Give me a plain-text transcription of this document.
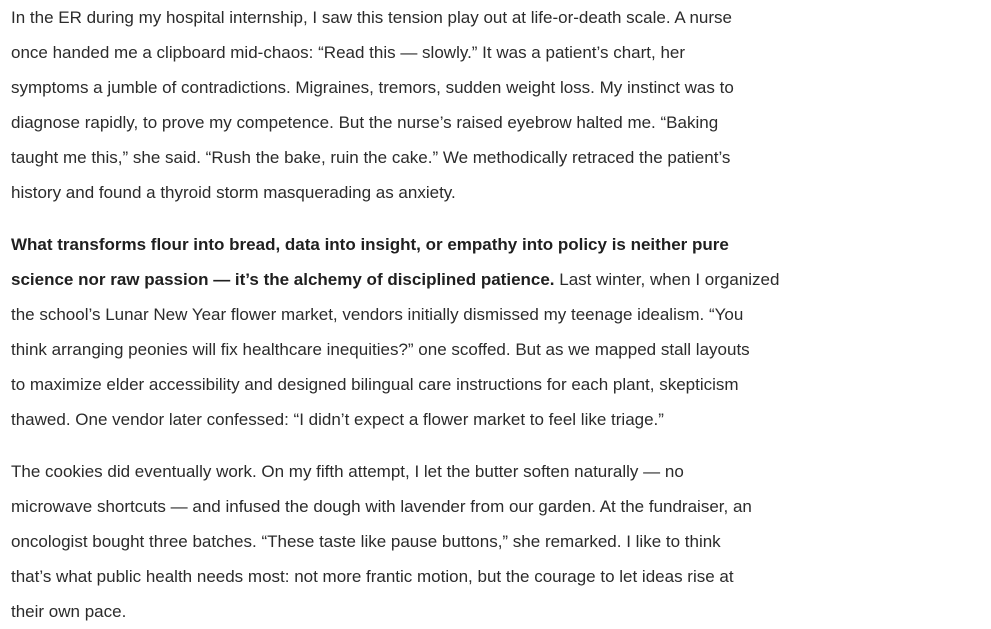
In the ER during my hospital internship, I saw this tension play out at life-or-death scale. A nurse
once handed me a clipboard mid-chaos: “Read this — slowly.” It was a patient’s chart, her
symptoms a jumble of contradictions. Migraines, tremors, sudden weight loss. My instinct was to
diagnose rapidly, to prove my competence. But the nurse’s raised eyebrow halted me. “Baking
taught me this,” she said. “Rush the bake, ruin the cake.” We methodically retraced the patient’s
history and found a thyroid storm masquerading as anxiety.

What transforms flour into bread, data into insight, or empathy into policy is neither pure
science nor raw passion — it’s the alchemy of disciplined patience. Last winter, when I organized
the school’s Lunar New Year flower market, vendors initially dismissed my teenage idealism. “You
think arranging peonies will fix healthcare inequities?” one scoffed. But as we mapped stall layouts
to maximize elder accessibility and designed bilingual care instructions for each plant, skepticism
thawed. One vendor later confessed: “I didn’t expect a flower market to feel like triage.”

The cookies did eventually work. On my fifth attempt, I let the butter soften naturally — no
microwave shortcuts — and infused the dough with lavender from our garden. At the fundraiser, an
oncologist bought three batches. “These taste like pause buttons,” she remarked. I like to think
that’s what public health needs most: not more frantic motion, but the courage to let ideas rise at
their own pace.
